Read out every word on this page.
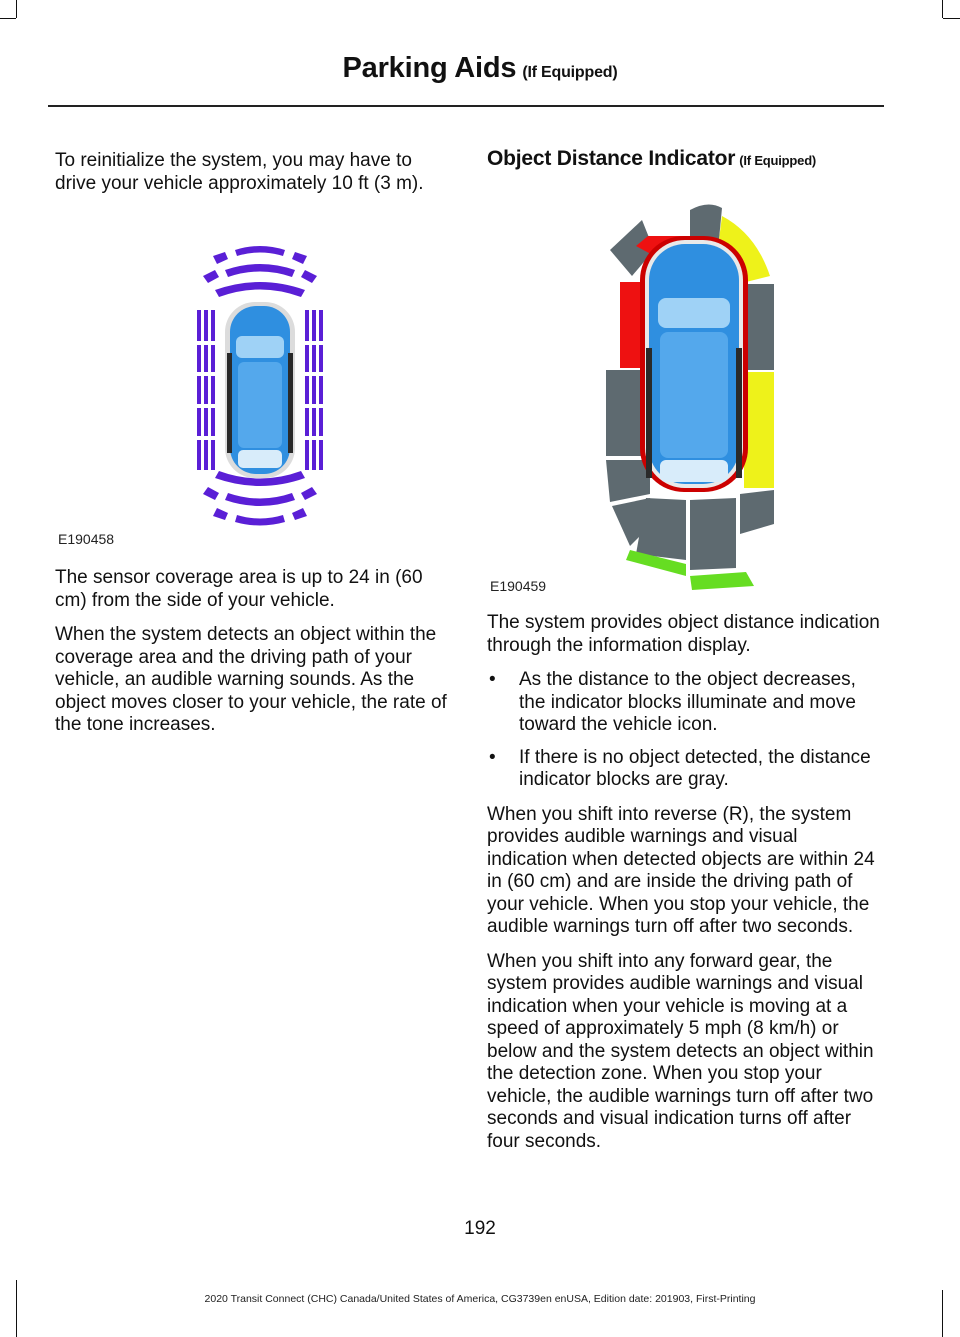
Parking Aids (If Equipped)

To reinitialize the system, you may have to drive your vehicle approximately 10 ft (3 m).

E190458

The sensor coverage area is up to 24 in (60 cm) from the side of your vehicle.

When the system detects an object within the coverage area and the driving path of your vehicle, an audible warning sounds. As the object moves closer to your vehicle, the rate of the tone increases.

Object Distance Indicator (If Equipped)
E190459

The system provides object distance indication through the information display.

• As the distance to the object decreases, the indicator blocks illuminate and move toward the vehicle icon.
• If there is no object detected, the distance indicator blocks are gray.

When you shift into reverse (R), the system provides audible warnings and visual indication when detected objects are within 24 in (60 cm) and are inside the driving path of your vehicle. When you stop your vehicle, the audible warnings turn off after two seconds.

When you shift into any forward gear, the system provides audible warnings and visual indication when your vehicle is moving at a speed of approximately 5 mph (8 km/h) or below and the system detects an object within the detection zone. When you stop your vehicle, the audible warnings turn off after two seconds and visual indication turns off after four seconds.

192
2020 Transit Connect (CHC) Canada/United States of America, CG3739en enUSA, Edition date: 201903, First-Printing
